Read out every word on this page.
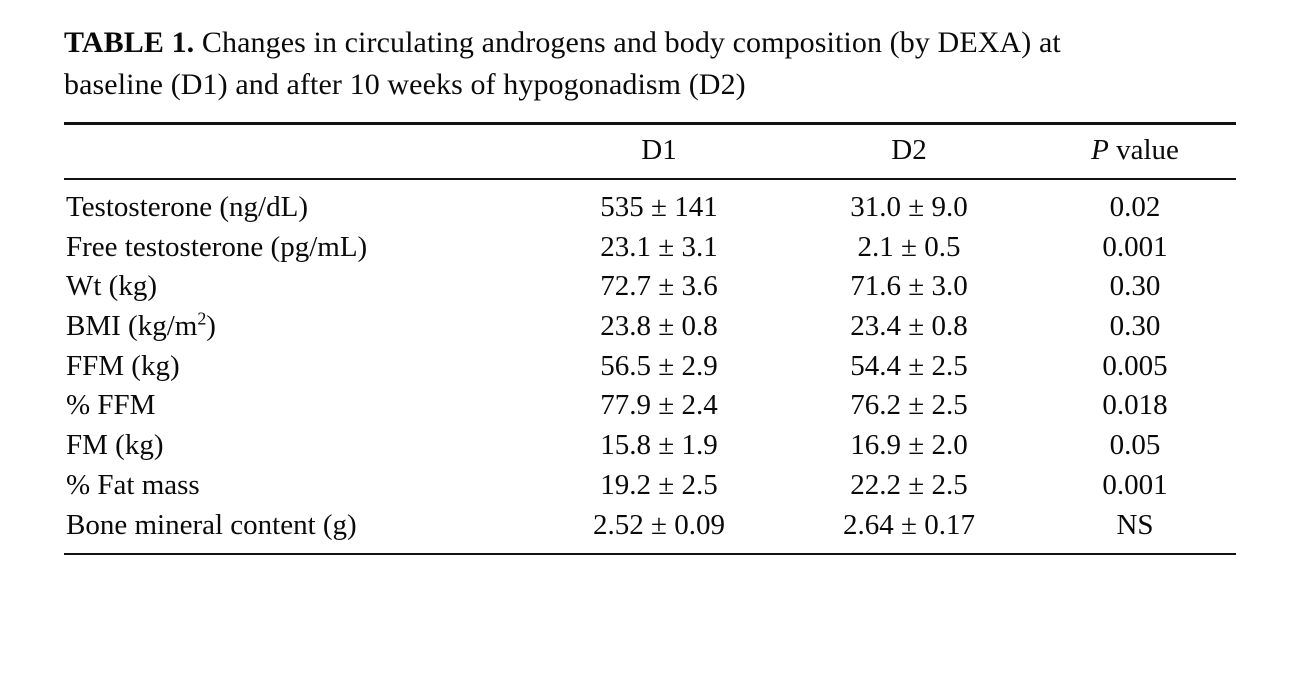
TABLE 1. Changes in circulating androgens and body composition (by DEXA) at baseline (D1) and after 10 weeks of hypogonadism (D2)

	D1	D2	P value

Testosterone (ng/dL)	535 ± 141	31.0 ± 9.0	0.02
Free testosterone (pg/mL)	23.1 ± 3.1	2.1 ± 0.5	0.001
Wt (kg)	72.7 ± 3.6	71.6 ± 3.0	0.30
BMI $(kg/m^2)$	23.8 ± 0.8	23.4 ± 0.8	0.30
FFM (kg)	56.5 ± 2.9	54.4 ± 2.5	0.005
% FFM	77.9 ± 2.4	76.2 ± 2.5	0.018
FM (kg)	15.8 ± 1.9	16.9 ± 2.0	0.05
% Fat mass	19.2 ± 2.5	22.2 ± 2.5	0.001
Bone mineral content (g)	2.52 ± 0.09	2.64 ± 0.17	NS
